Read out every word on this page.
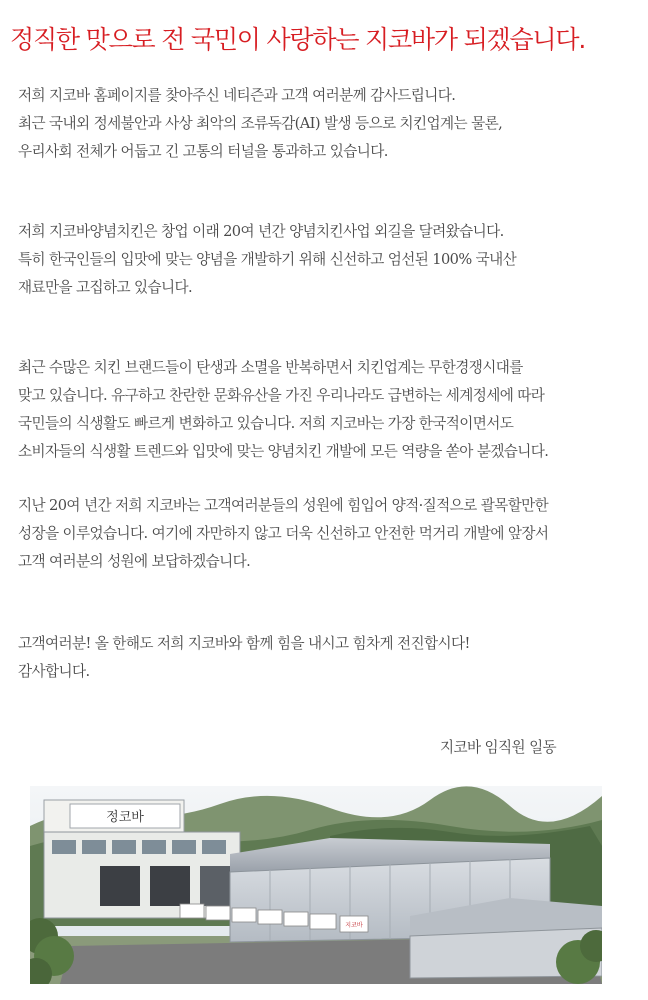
정직한 맛으로 전 국민이 사랑하는 지코바가 되겠습니다.
저희 지코바 홈페이지를 찾아주신 네티즌과 고객 여러분께 감사드립니다.
최근 국내외 정세불안과 사상 최악의 조류독감(AI) 발생 등으로 치킨업계는 물론,
우리사회 전체가 어둡고 긴 고통의 터널을 통과하고 있습니다.
저희 지코바양념치킨은 창업 이래 20여 년간 양념치킨사업 외길을 달려왔습니다.
특히 한국인들의 입맛에 맞는 양념을 개발하기 위해 신선하고 엄선된 100% 국내산
재료만을 고집하고 있습니다.
최근 수많은 치킨 브랜드들이 탄생과 소멸을 반복하면서 치킨업계는 무한경쟁시대를
맞고 있습니다. 유구하고 찬란한 문화유산을 가진 우리나라도 급변하는 세계정세에 따라
국민들의 식생활도 빠르게 변화하고 있습니다. 저희 지코바는 가장 한국적이면서도
소비자들의 식생활 트렌드와 입맛에 맞는 양념치킨 개발에 모든 역량을 쏟아 붇겠습니다.
지난 20여 년간 저희 지코바는 고객여러분들의 성원에 힘입어 양적·질적으로 괄목할만한
성장을 이루었습니다. 여기에 자만하지 않고 더욱 신선하고 안전한 먹거리 개발에 앞장서
고객 여러분의 성원에 보답하겠습니다.
고객여러분! 올 한해도 저희 지코바와 함께 힘을 내시고 힘차게 전진합시다!
감사합니다.

지코바 임직원 일동

정코바
지코바
